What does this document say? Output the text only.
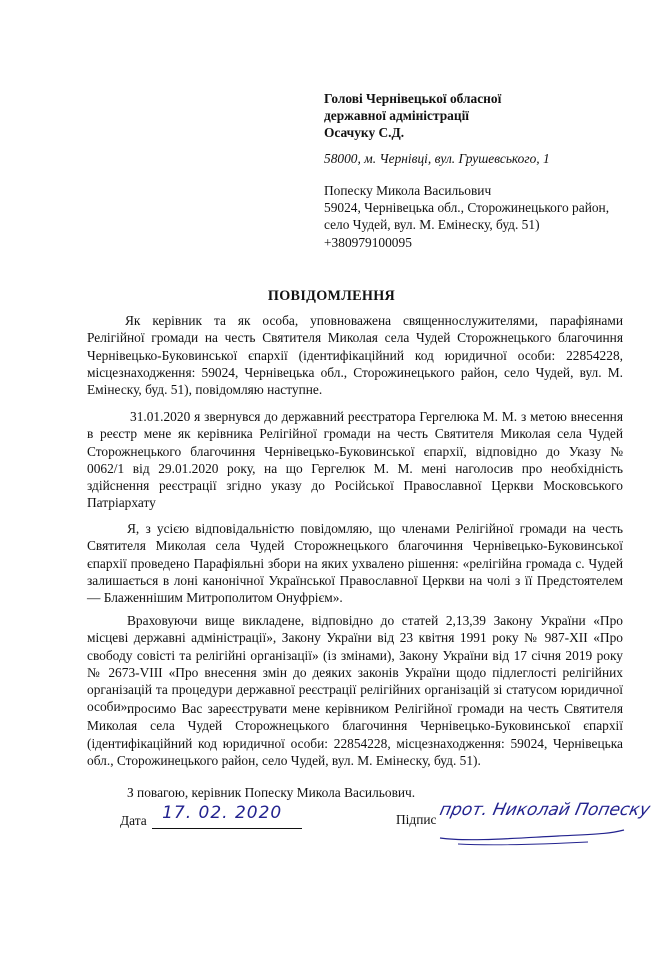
Голові Чернівецької обласної
державної адміністрації
Осачуку С.Д.
58000, м. Чернівці, вул. Грушевського, 1
Попеску Микола Васильович
59024, Чернівецька обл., Сторожинецького район,
село Чудей, вул. М. Емінеску, буд. 51)
+380979100095
ПОВІДОМЛЕННЯ

Як керівник та як особа, уповноважена священнослужителями, парафіянами Релігійної громади на честь Святителя Миколая села Чудей Сторожнецького благочиння Чернівецько-Буковинської єпархії (ідентифікаційний код юридичної особи: 22854228, місцезнаходження: 59024, Чернівецька обл., Сторожинецького район, село Чудей, вул. М. Емінеску, буд. 51), повідомляю наступне.

31.01.2020 я звернувся до державний реєстратора Гергелюка М. М. з метою внесення в реєстр мене як керівника Релігійної громади на честь Святителя Миколая села Чудей Сторожнецького благочиння Чернівецько-Буковинської єпархії, відповідно до Указу № 0062/1 від 29.01.2020 року, на що Гергелюк М. М. мені наголосив про необхідність здійснення реєстрації згідно указу до Російської Православної Церкви Московського Патріархату

Я, з усією відповідальністю повідомляю, що членами Релігійної громади на честь Святителя Миколая села Чудей Сторожнецького благочиння Чернівецько-Буковинської єпархії проведено Парафіяльні збори на яких ухвалено рішення: «релігійна громада с. Чудей залишається в лоні канонічної Української Православної Церкви на чолі з її Предстоятелем — Блаженнішим Митрополитом Онуфрієм».

Враховуючи вище викладене, відповідно до статей 2,13,39 Закону України «Про місцеві державні адміністрації», Закону України від 23 квітня 1991 року № 987-XII «Про свободу совісті та релігійні організації» (із змінами), Закону України від 17 січня 2019 року № 2673-VIII «Про внесення змін до деяких законів України щодо підлеглості релігійних організацій та процедури державної реєстрації релігійних організацій зі статусом юридичної особи»,

просимо Вас зареєструвати мене керівником Релігійної громади на честь Святителя Миколая села Чудей Сторожнецького благочиння Чернівецько-Буковинської єпархії (ідентифікаційний код юридичної особи: 22854228, місцезнаходження: 59024, Чернівецька обл., Сторожинецького район, село Чудей, вул. М. Емінеску, буд. 51).

З повагою, керівник Попеску Микола Васильович.

Дата 17. 02. 2020	Підпис прот. Николай Попеску
